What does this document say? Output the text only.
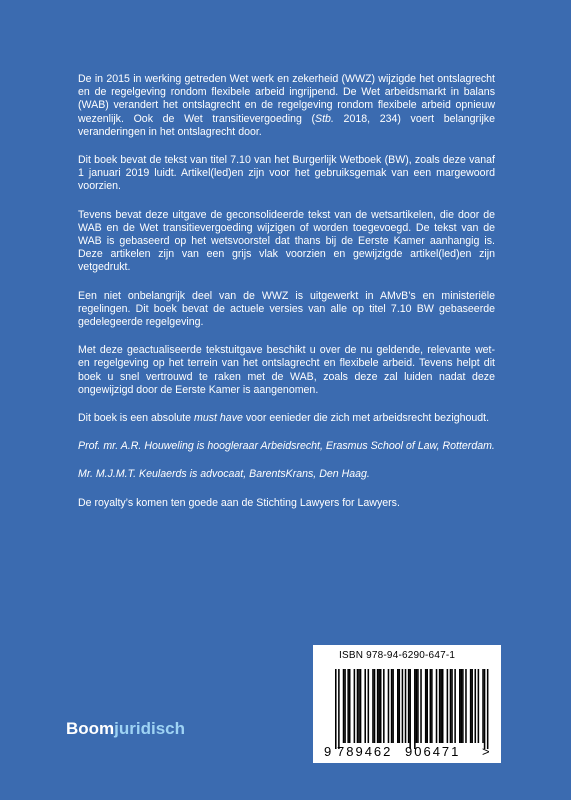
De in 2015 in werking getreden Wet werk en zekerheid (WWZ) wijzigde het ontslagrecht en de regelgeving rondom flexibele arbeid ingrijpend. De Wet arbeidsmarkt in balans (WAB) verandert het ontslagrecht en de regelgeving rondom flexibele arbeid opnieuw wezenlijk. Ook de Wet transitievergoeding (Stb. 2018, 234) voert belangrijke veranderingen in het ontslagrecht door.

Dit boek bevat de tekst van titel 7.10 van het Burgerlijk Wetboek (BW), zoals deze vanaf 1 januari 2019 luidt. Artikel(led)en zijn voor het gebruiksgemak van een margewoord voorzien.

Tevens bevat deze uitgave de geconsolideerde tekst van de wetsartikelen, die door de WAB en de Wet transitievergoeding wijzigen of worden toegevoegd. De tekst van de WAB is gebaseerd op het wetsvoorstel dat thans bij de Eerste Kamer aanhangig is. Deze artikelen zijn van een grijs vlak voorzien en gewijzigde artikel(led)en zijn vetgedrukt.

Een niet onbelangrijk deel van de WWZ is uitgewerkt in AMvB’s en ministeriële regelingen. Dit boek bevat de actuele versies van alle op titel 7.10 BW gebaseerde gedelegeerde regelgeving.

Met deze geactualiseerde tekstuitgave beschikt u over de nu geldende, relevante wet- en regelgeving op het terrein van het ontslagrecht en flexibele arbeid. Tevens helpt dit boek u snel vertrouwd te raken met de WAB, zoals deze zal luiden nadat deze ongewijzigd door de Eerste Kamer is aangenomen.

Dit boek is een absolute must have voor eenieder die zich met arbeidsrecht bezighoudt.

Prof. mr. A.R. Houweling is hoogleraar Arbeidsrecht, Erasmus School of Law, Rotterdam.

Mr. M.J.M.T. Keulaerds is advocaat, BarentsKrans, Den Haag.

De royalty’s komen ten goede aan de Stichting Lawyers for Lawyers.

Boomjuridisch
ISBN 978-94-6290-647-1
9 789462 906471 >
